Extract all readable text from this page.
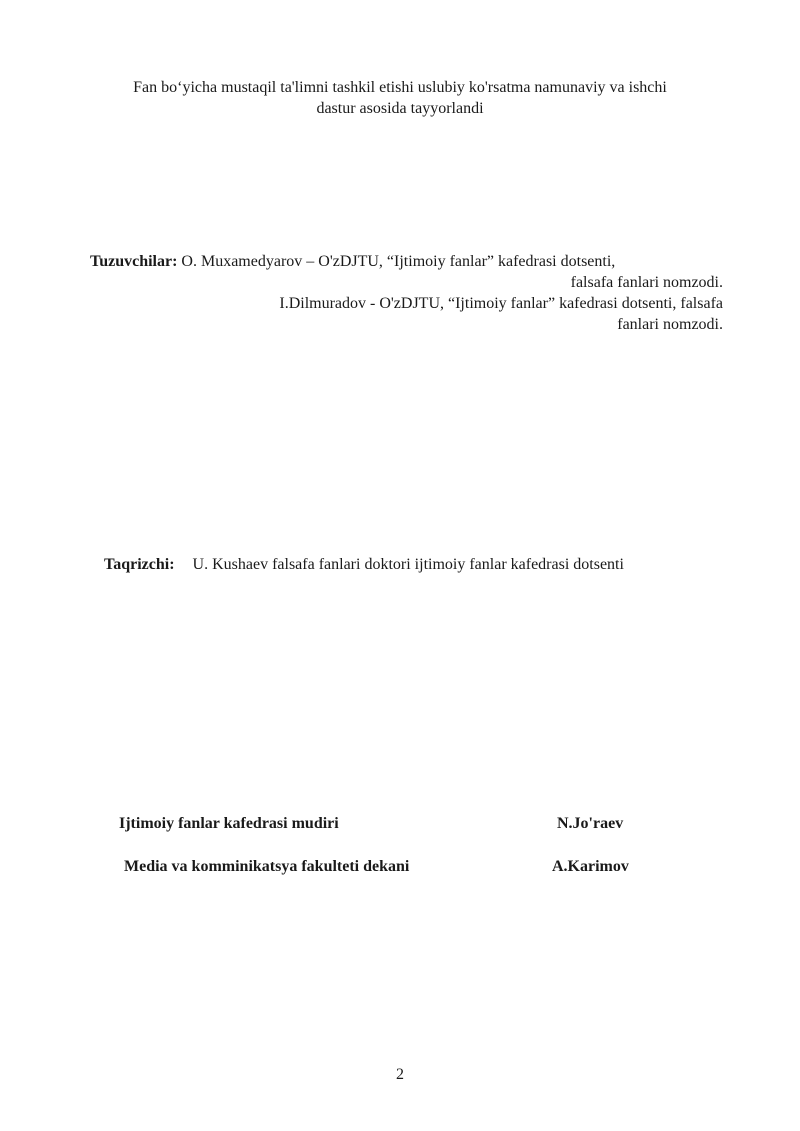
Fan bo‘yicha mustaqil ta'limni tashkil etishi uslubiy ko'rsatma namunaviy va ishchi
dastur asosida tayyorlandi
Tuzuvchilar: O. Muxamedyarov – O'zDJTU, “Ijtimoiy fanlar” kafedrasi dotsenti,
falsafa fanlari nomzodi.
I.Dilmuradov - O'zDJTU, “Ijtimoiy fanlar” kafedrasi dotsenti, falsafa
fanlari nomzodi.
Taqrizchi: U. Kushaev falsafa fanlari doktori ijtimoiy fanlar kafedrasi dotsenti
Ijtimoiy fanlar kafedrasi mudiri	N.Jo'raev
Media va komminikatsya fakulteti dekani	A.Karimov
2
